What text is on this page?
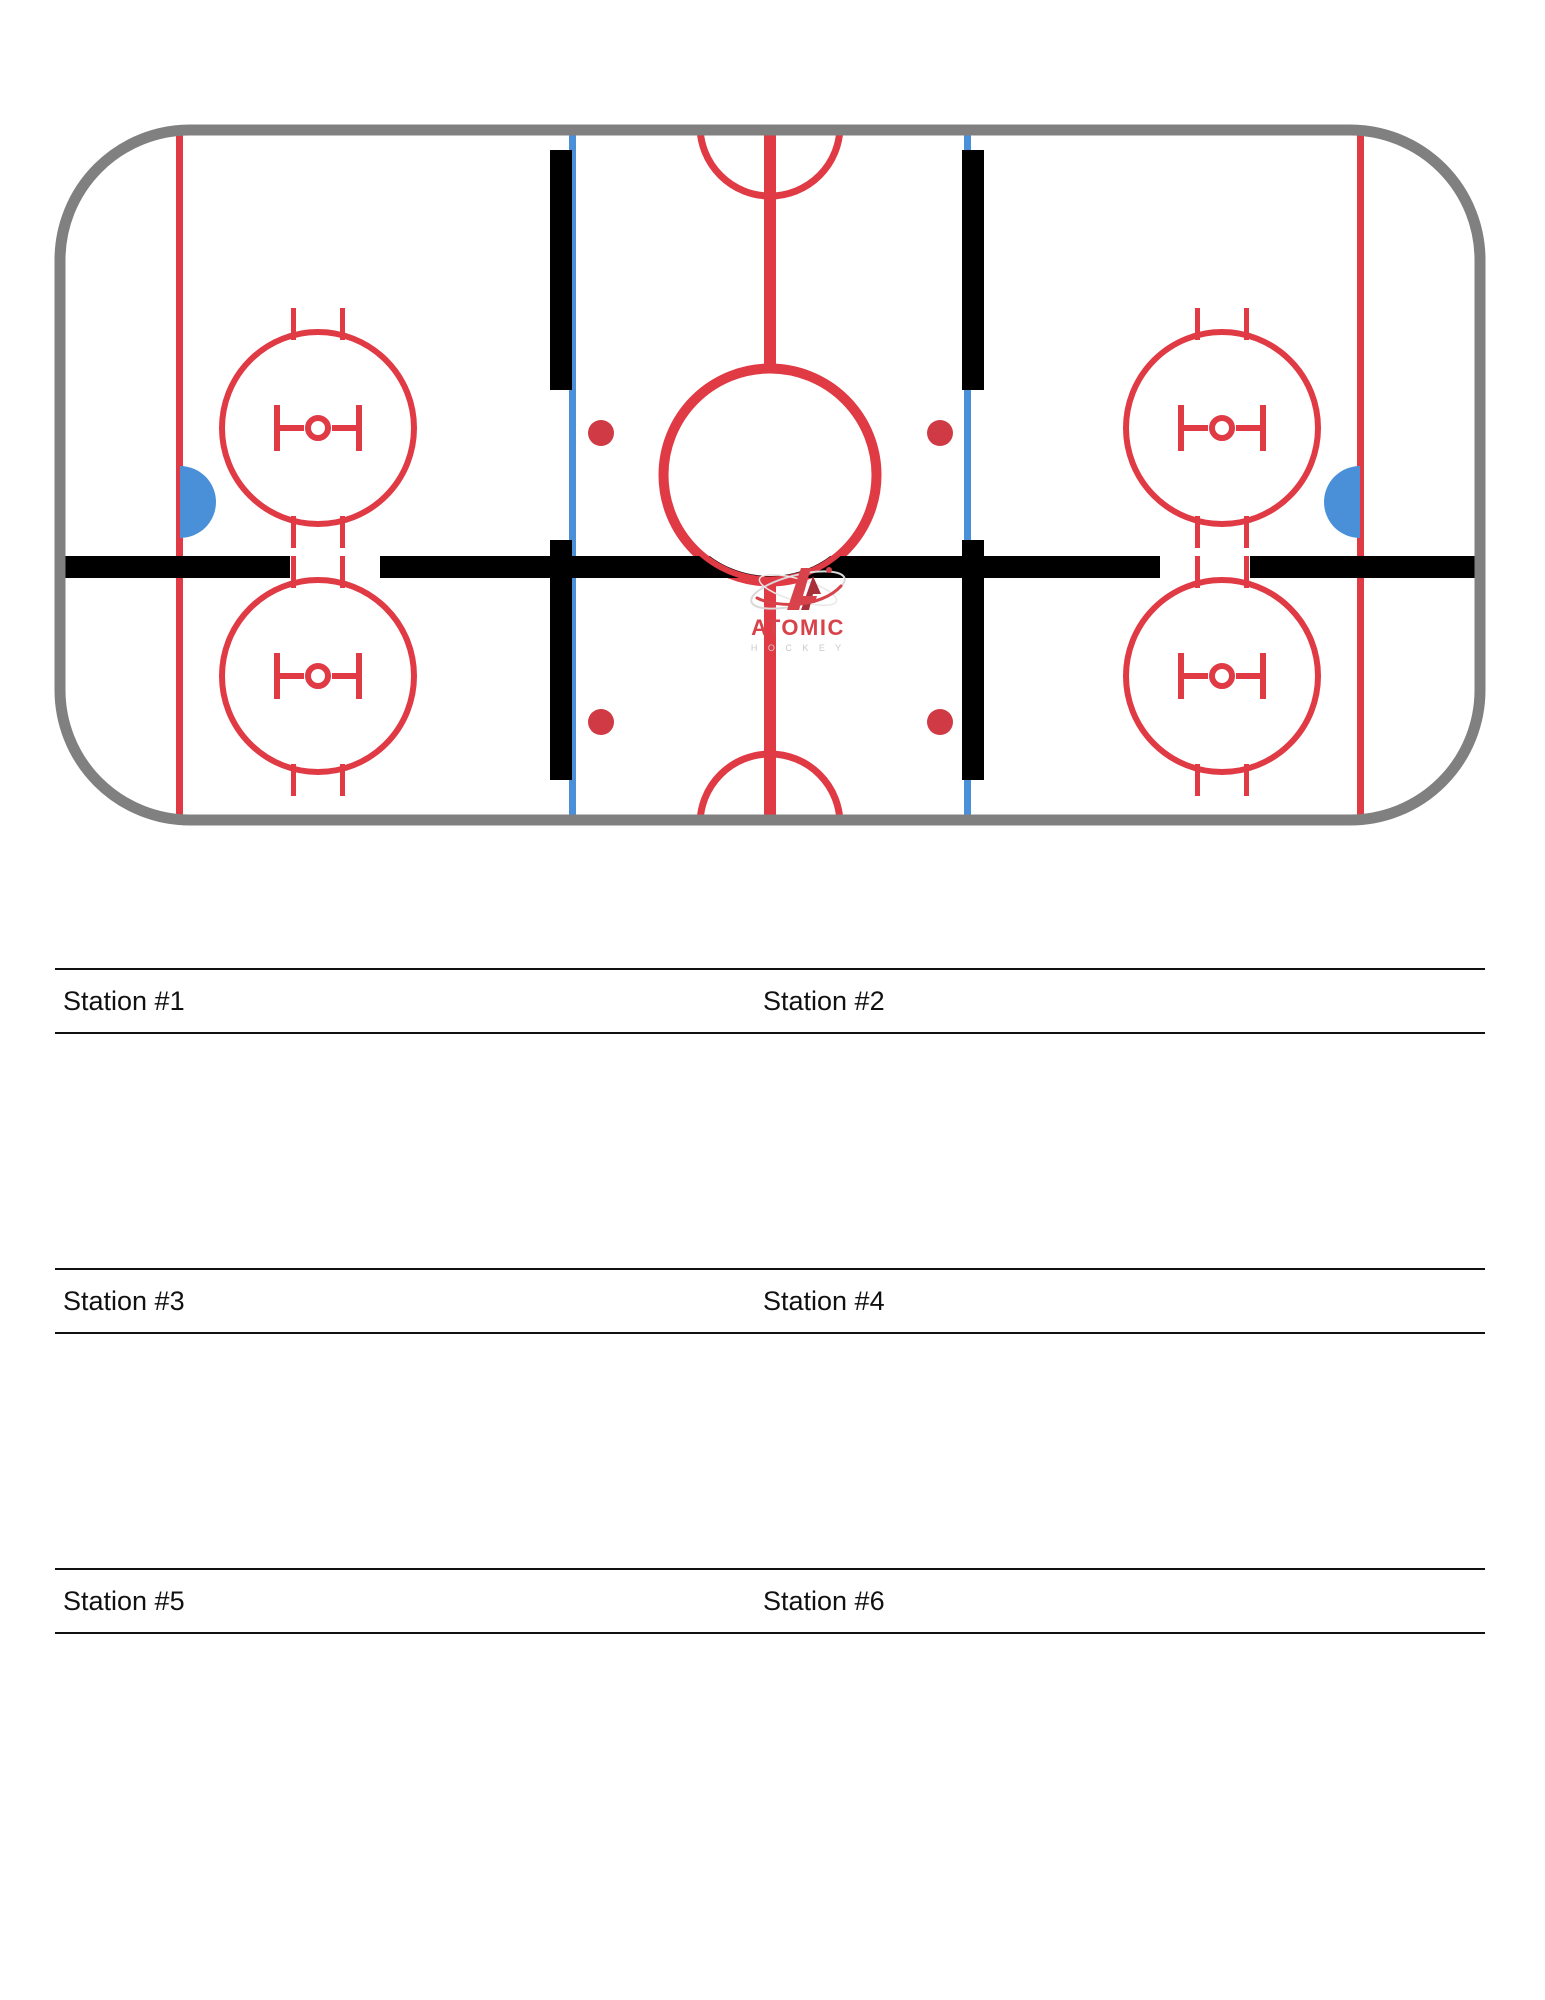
ATOMIC
H O C K E Y
Station #1	Station #2
Station #3	Station #4
Station #5	Station #6
